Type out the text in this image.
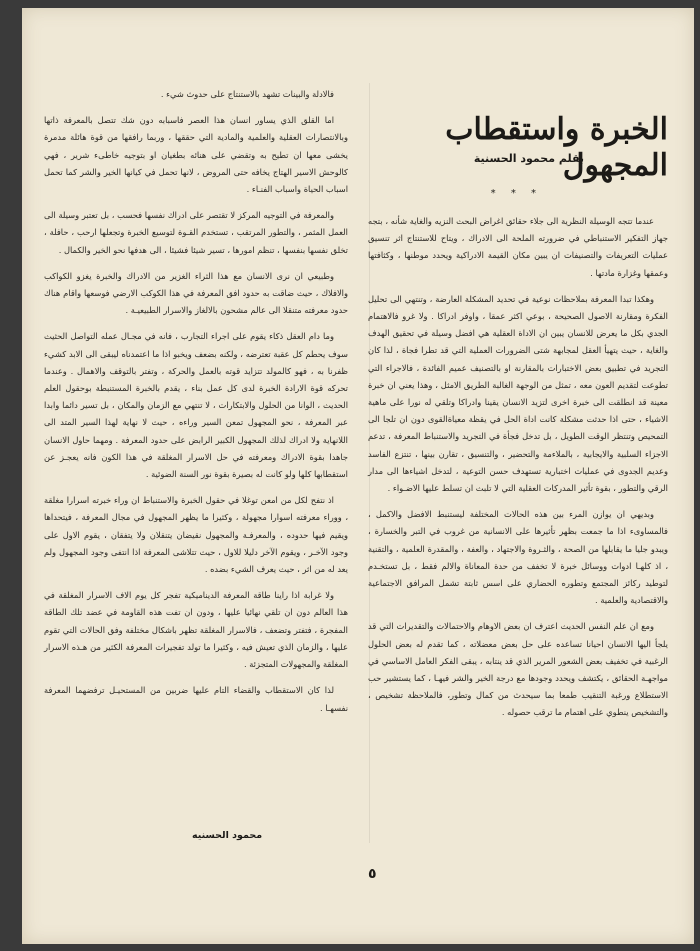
الخبرة واستقطاب المجهول
بقلم محمود الحسنية
* * *

عندما تتجه الوسيلة النظرية الى جلاء حقائق اغراض البحث النزيه والغاية شأنه ، بتجه جهاز التفكير الاستنباطي في ضرورته الملحة الى الادراك ، ويتاح للاستنتاج اثر تنسيق عمليات التعريفات والتصنيفات ان يبين مكان القيمة الادراكية ويحدد موطنها ، وكثافتها وعمقها وغزارة مادتها .

وهكذا تبدا المعرفة بملاحظات نوعية في تحديد المشكلة العارضة ، وتنتهي الى تحليل الفكرة ومقارنة الاصول الصحيحة ، بوعي اكثر عمقا ، واوفر ادراكا . ولا غرو فالاهتمام الجدي بكل ما يعرض للانسان يبين ان الاداة العقلية هي افضل وسيلة في تحقيق الهدف والغاية ، حيث يتهيأ العقل لمجابهة شتى الضرورات العملية التي قد تطرا فجاة ، لذا كان التجريد في تطبيق بعض الاختبارات بالمقارنة او بالتصنيف عميم الفائدة ، فالاجراء التي تطوعت لتقديم العون معه ، تمثل من الوجهة الغالبة الطريق الامثل ، وهذا يعني ان خبرة معينة قد انطلقت الى خبرة اخرى لتزيد الانسان يقينا وادراكا وتلقي له نورا على ماهية الاشياء ، حتى اذا حدثت مشكلة كانت اداة الحل في يقظة معياةالقوى دون ان تلجا الى التمحيص وتنتظر الوقت الطويل ، بل تدخل فجأة في التجريد والاستنباط المعرفة ، تدعم الاجزاء السلبية والايجابية ، بالملاءمة والتحضير ، والتنسيق ، تقارن بينها ، تنتزع الفاسد وعديم الجدوى في عمليات اختبارية تستهدف حسن التوعية ، لتدخل اشياءها الى مدار الرقي والتطور ، بقوة تأثير المدركات العقلية التي لا تلبث ان تسلط عليها الاضـواء .

وبديهي ان يوازن المرء بين هذه الحالات المختلفة ليستنبط الافضل والاكمل ، فالمساوىء اذا ما جمعت بظهر تأثيرها على الانسانية من غروب في التبر والخسارة ، ويبدو جليا ما يقابلها من الصحة ، والثـروة والاجتهاد ، والعفة ، والمقدرة العلمية ، والتقنية ، اذ كلهـا ادوات ووسائل خبرة لا تخفف من حدة المعاناة والالم فقط ، بل تستخـدم لتوطيد ركائز المجتمع وتطوره الحضاري على اسس ثابتة تشمل المرافق الاجتماعية والاقتصادية والعلمية .

ومع ان علم النفس الحديث اعترف ان بعض الاوهام والاحتمالات والتقديرات التي قد يلجأ اليها الانسان احيانا تساعده على حل بعض معضلاته ، كما تقدم له بعض الحلول الرغبية في تخفيف بعض الشعور المرير الذي قد ينتابه ، يبقى الفكر العامل الاساسي في مواجهـة الحقائق ، يكتشف ويحدد وجودها مع درجة الخير والشر فيهـا ، كما يستشير حب الاستطلاع ورغبة التنقيب طمعا بما سيحدث من كمال وتطور، فالملاحظة تشخيص ، والتشخيص ينطوي على اهتمام ما ترقب حصوله .

فالادلة والبينات تشهد بالاستنتاج على حدوث شيء .

اما القلق الذي يساور انسان هذا العصر فاسبابه دون شك تتصل بالمعرفة ذاتها وبالانتصارات العقلية والعلمية والمادية التي حققها ، وربما رافقها من قوة هائلة مدمرة يخشى معها ان تطيح به وتقضي على هنائه بطغيان او بتوجيه خاطىء شرير ، فهي كالوحش الاسير الهتاج يخافه حتى المروض ، لانها تحمل في كيانها الخير والشر كما تحمل اسباب الحياة واسباب الفنـاء .

والمعرفة في التوجيه المركز لا تقتصر على ادراك نفسها فحسب ، بل تعتبر وسيلة الى العمل المثمر ، والتطور المرتقب ، تستخدم القـوة لتوسيع الخبرة وتجعلها ارحب ، حافلة ، تخلق نفسها بنفسها ، تنظم امورها ، تسير شيئا فشيئا ، الى هدفها نحو الخير والكمال .

وطبيعي ان نرى الانسان مع هذا الثراء الغزير من الادراك والخبرة يغزو الكواكب والافلاك ، حيث ضاقت به حدود افق المعرفة في هذا الكوكب الارضي فوسعها واقام هناك حدود معرفته متنقلا الى عالم مشحون بالالغاز والاسرار الطبيعيـة .

وما دام العقل ذكاء يقوم على اجراء التجارب ، فانه في مجـال عمله التواصل الحثيث سوف يحطم كل عقبة تعترضه ، ولكنه بضعف ويخبو اذا ما اعتمدناه ليبقى الى الابد كشيء ظفرنا به ، فهو كالمولد تتزايد قوته بالعمل والحركة ، وتفتر بالتوقف والاهمال . وعندما تحركه قوة الارادة الخبرة لدى كل عمل بناء ، يقدم بالخبرة المستنبطة بوحقول العلم الحديث ، الوانا من الحلول والابتكارات ، لا تنتهي مع الزمان والمكان ، بل تسير دائما وابدا عبر المعرفة ، نحو المجهول تمعن السير وراءه ، حيث لا نهاية لهذا السير المتد الى اللانهاية ولا ادراك لذلك المجهول الكبير الرابض على حدود المعرفة . ومهما حاول الانسان جاهدا بقوة الادراك ومعرفته في حل الاسرار المغلقة في هذا الكون فانه يعجـز عن استقطابها كلها ولو كانت له بصيرة بقوة نور السنة الضوئية .

اذ نتفح لكل من امعن توغلا في حقول الخبرة والاستنباط ان وراء خبرته اسرارا مغلقة ، ووراء معرفته اسوارا مجهولة ، وكثيرا ما يظهر المجهول في مجال المعرفة ، فيتحداها ويقيم فيها حدوده ، والمعرفـة والمجهول نقيضان يتنقلان ولا يتفقان ، يقوم الاول على وجود الآخـر ، ويقوم الآخر دليلا للاول ، حيث تتلاشى المعرفة اذا انتفى وجود المجهول ولم يعد له من اثر ، حيث يعرف الشيء بضده .

ولا غرابة اذا راينا طاقة المعرفة الديناميكية تفجر كل يوم الاف الاسرار المغلقة في هذا العالم دون ان تلقي نهائيا عليها ، ودون ان تفت هذه القاومة في عضد تلك الطاقة المفجرة ، فتفتر وتضعف ، فالاسرار المغلقة تظهر باشكال مختلفة وفق الحالات التي تقوم عليها ، والزمان الذي تعيش فيه ، وكثيرا ما تولد تفجيرات المعرفة الكثير من هـذه الاسرار المغلقة والمجهولات المتجزئة .

لذا كان الاستقطاب والقضاء التام عليها ضربين من المستحيـل ترفضهما المعرفة نفسهـا .

محمود الحسنيه
٥
